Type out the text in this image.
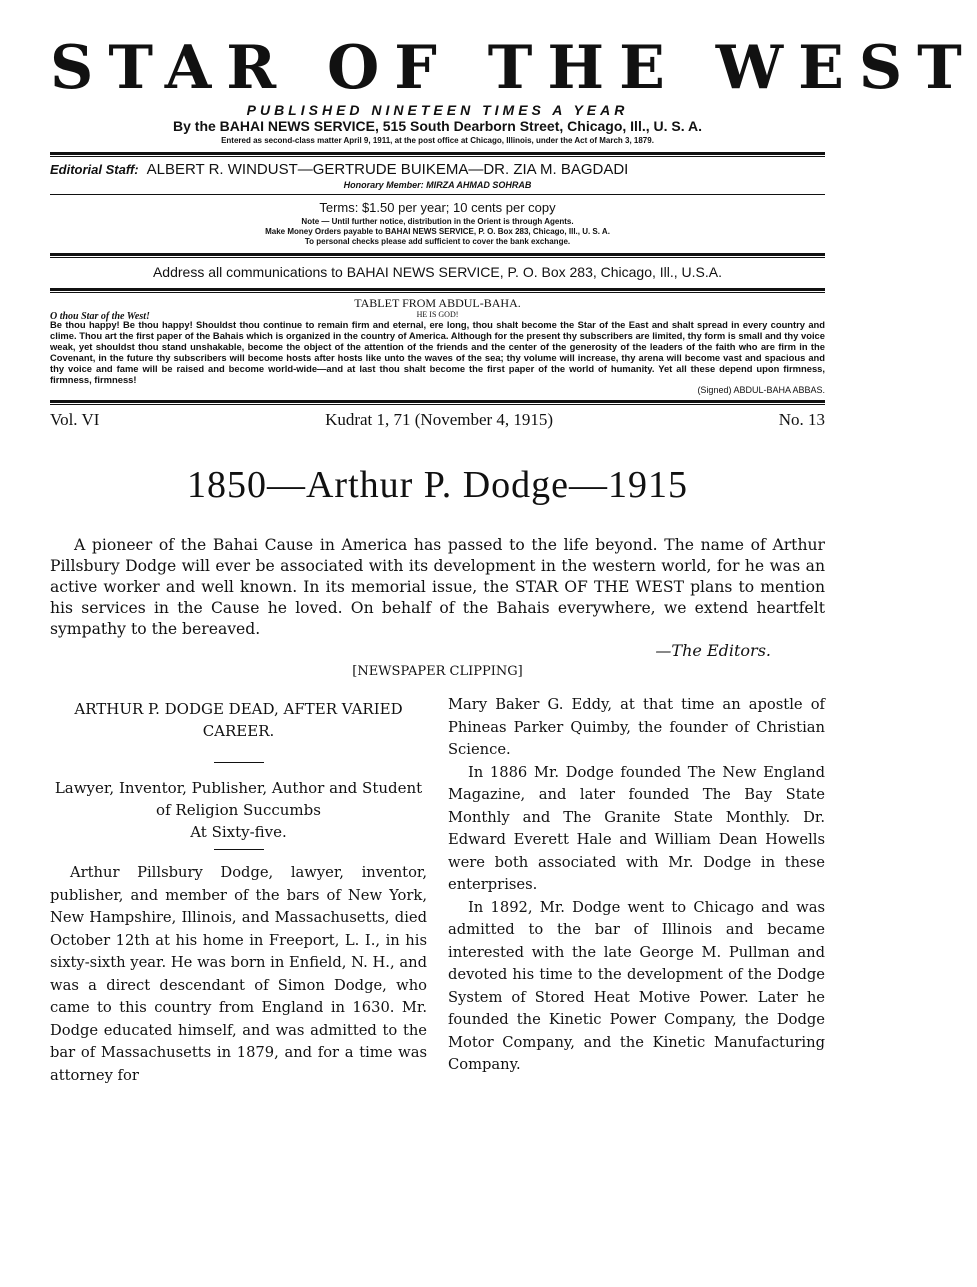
STAR OF THE WEST
PUBLISHED NINETEEN TIMES A YEAR
By the BAHAI NEWS SERVICE, 515 South Dearborn Street, Chicago, Ill., U. S. A.
Entered as second-class matter April 9, 1911, at the post office at Chicago, Illinois, under the Act of March 3, 1879.
Editorial Staff: ALBERT R. WINDUST—GERTRUDE BUIKEMA—DR. ZIA M. BAGDADI
Honorary Member: MIRZA AHMAD SOHRAB
Terms: $1.50 per year; 10 cents per copy
Note — Until further notice, distribution in the Orient is through Agents.
Make Money Orders payable to BAHAI NEWS SERVICE, P. O. Box 283, Chicago, Ill., U. S. A.
To personal checks please add sufficient to cover the bank exchange.
Address all communications to BAHAI NEWS SERVICE, P. O. Box 283, Chicago, Ill., U.S.A.
TABLET FROM ABDUL-BAHA.
O thou Star of the West!	HE IS GOD!
Be thou happy! Be thou happy! Shouldst thou continue to remain firm and eternal, ere long, thou shalt become the Star of the East and shalt spread in every country and clime. Thou art the first paper of the Bahais which is organized in the country of America. Although for the present thy subscribers are limited, thy form is small and thy voice weak, yet shouldst thou stand unshakable, become the object of the attention of the friends and the center of the generosity of the leaders of the faith who are firm in the Covenant, in the future thy subscribers will become hosts after hosts like unto the waves of the sea; thy volume will increase, thy arena will become vast and spacious and thy voice and fame will be raised and become world-wide—and at last thou shalt become the first paper of the world of humanity. Yet all these depend upon firmness, firmness, firmness!
(Signed) ABDUL-BAHA ABBAS.
Vol. VI	Kudrat 1, 71 (November 4, 1915)	No. 13
1850—Arthur P. Dodge—1915

A pioneer of the Bahai Cause in America has passed to the life beyond. The name of Arthur Pillsbury Dodge will ever be associated with its development in the western world, for he was an active worker and well known. In its memorial issue, the STAR OF THE WEST plans to mention his services in the Cause he loved. On behalf of the Bahais everywhere, we extend heartfelt sympathy to the bereaved.

—The Editors.
[NEWSPAPER CLIPPING]
ARTHUR P. DODGE DEAD, AFTER VARIED CAREER.
Lawyer, Inventor, Publisher, Author and Student of Religion Succumbs
At Sixty-five.

Arthur Pillsbury Dodge, lawyer, inventor, publisher, and member of the bars of New York, New Hampshire, Illinois, and Massachusetts, died October 12th at his home in Freeport, L. I., in his sixty-sixth year. He was born in Enfield, N. H., and was a direct descendant of Simon Dodge, who came to this country from England in 1630. Mr. Dodge educated himself, and was admitted to the bar of Massachusetts in 1879, and for a time was attorney for

Mary Baker G. Eddy, at that time an apostle of Phineas Parker Quimby, the founder of Christian Science.

In 1886 Mr. Dodge founded The New England Magazine, and later founded The Bay State Monthly and The Granite State Monthly. Dr. Edward Everett Hale and William Dean Howells were both associated with Mr. Dodge in these enterprises.

In 1892, Mr. Dodge went to Chicago and was admitted to the bar of Illinois and became interested with the late George M. Pullman and devoted his time to the development of the Dodge System of Stored Heat Motive Power. Later he founded the Kinetic Power Company, the Dodge Motor Company, and the Kinetic Manufacturing Company.
